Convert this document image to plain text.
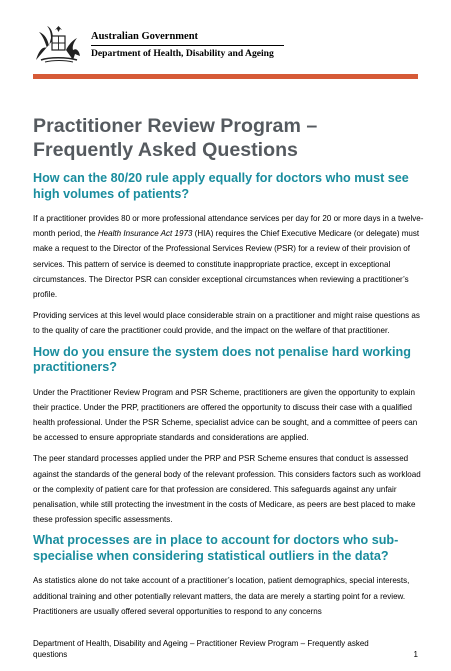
Australian Government
Department of Health, Disability and Ageing
Practitioner Review Program –
Frequently Asked Questions
How can the 80/20 rule apply equally for doctors who must see high volumes of patients?

If a practitioner provides 80 or more professional attendance services per day for 20 or more days in a twelve-month period, the Health Insurance Act 1973 (HIA) requires the Chief Executive Medicare (or delegate) must make a request to the Director of the Professional Services Review (PSR) for a review of their provision of services. This pattern of service is deemed to constitute inappropriate practice, except in exceptional circumstances. The Director PSR can consider exceptional circumstances when reviewing a practitioner’s profile.

Providing services at this level would place considerable strain on a practitioner and might raise questions as to the quality of care the practitioner could provide, and the impact on the welfare of that practitioner.

How do you ensure the system does not penalise hard working practitioners?

Under the Practitioner Review Program and PSR Scheme, practitioners are given the opportunity to explain their practice. Under the PRP, practitioners are offered the opportunity to discuss their case with a qualified health professional. Under the PSR Scheme, specialist advice can be sought, and a committee of peers can be accessed to ensure appropriate standards and considerations are applied.

The peer standard processes applied under the PRP and PSR Scheme ensures that conduct is assessed against the standards of the general body of the relevant profession. This considers factors such as workload or the complexity of patient care for that profession are considered. This safeguards against any unfair penalisation, while still protecting the investment in the costs of Medicare, as peers are best placed to make these profession specific assessments.

What processes are in place to account for doctors who sub-specialise when considering statistical outliers in the data?

As statistics alone do not take account of a practitioner’s location, patient demographics, special interests, additional training and other potentially relevant matters, the data are merely a starting point for a review. Practitioners are usually offered several opportunities to respond to any concerns

Department of Health, Disability and Ageing – Practitioner Review Program – Frequently asked questions	1
